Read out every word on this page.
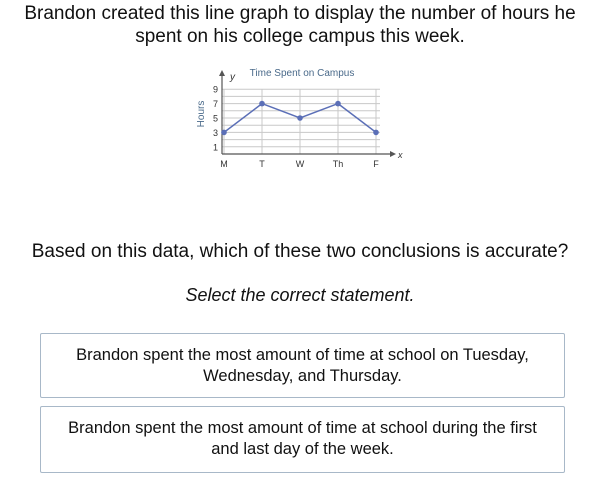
Brandon created this line graph to display the number of hours he
spent on his college campus this week.
Time Spent on Campus
y
x
Hours
1
3
5
7
9
M	T	W	Th	F
Based on this data, which of these two conclusions is accurate?
Select the correct statement.
Brandon spent the most amount of time at school on Tuesday,
Wednesday, and Thursday.
Brandon spent the most amount of time at school during the first
and last day of the week.
